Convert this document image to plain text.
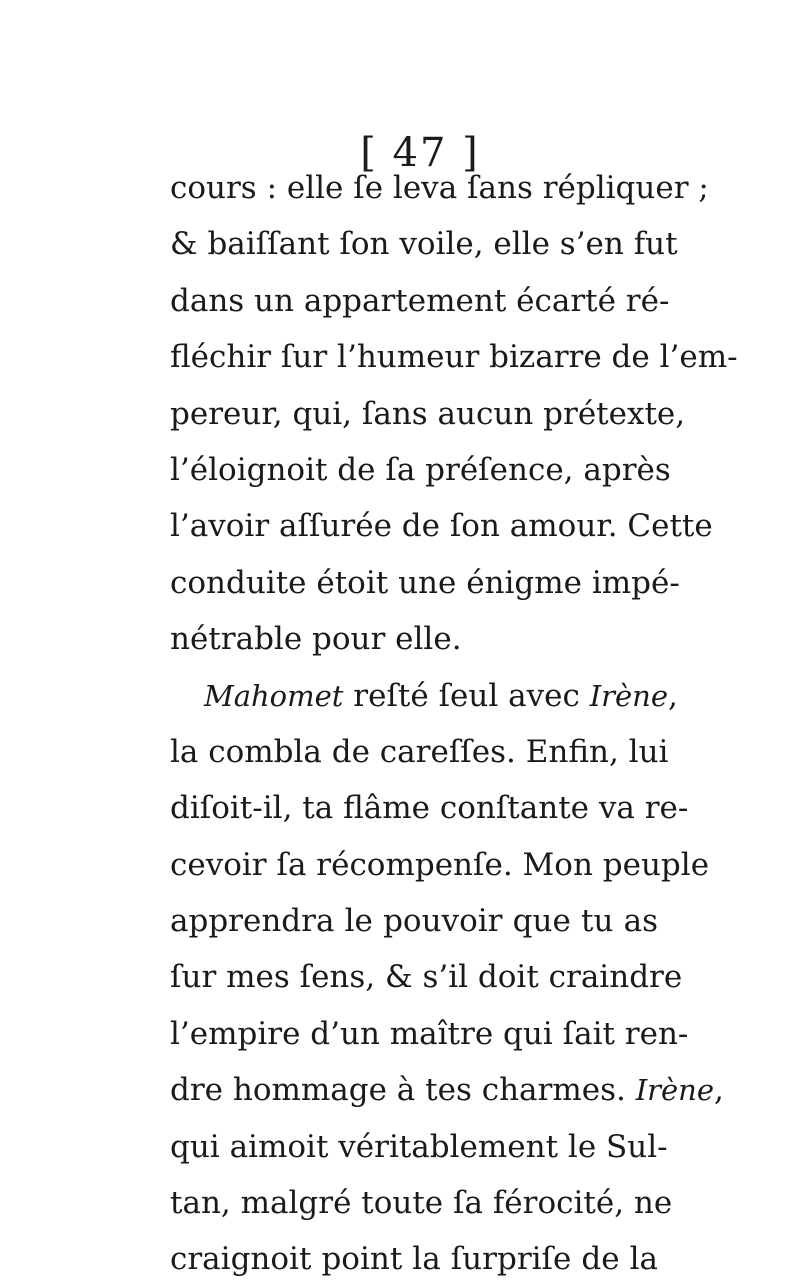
[ 47 ]
cours : elle ſe leva ſans répliquer ;
& baiſſant ſon voile, elle s’en fut
dans un appartement écarté ré-
fléchir ſur l’humeur bizarre de l’em-
pereur, qui, ſans aucun prétexte,
l’éloignoit de ſa préſence, après
l’avoir aſſurée de ſon amour. Cette
conduite étoit une énigme impé-
nétrable pour elle.
Mahomet reſté ſeul avec Irène,
la combla de careſſes. Enfin, lui
diſoit-il, ta flâme conſtante va re-
cevoir ſa récompenſe. Mon peuple
apprendra le pouvoir que tu as
ſur mes ſens, & s’il doit craindre
l’empire d’un maître qui ſait ren-
dre hommage à tes charmes. Irène,
qui aimoit véritablement le Sul-
tan, malgré toute ſa férocité, ne
craignoit point la ſurpriſe de la
